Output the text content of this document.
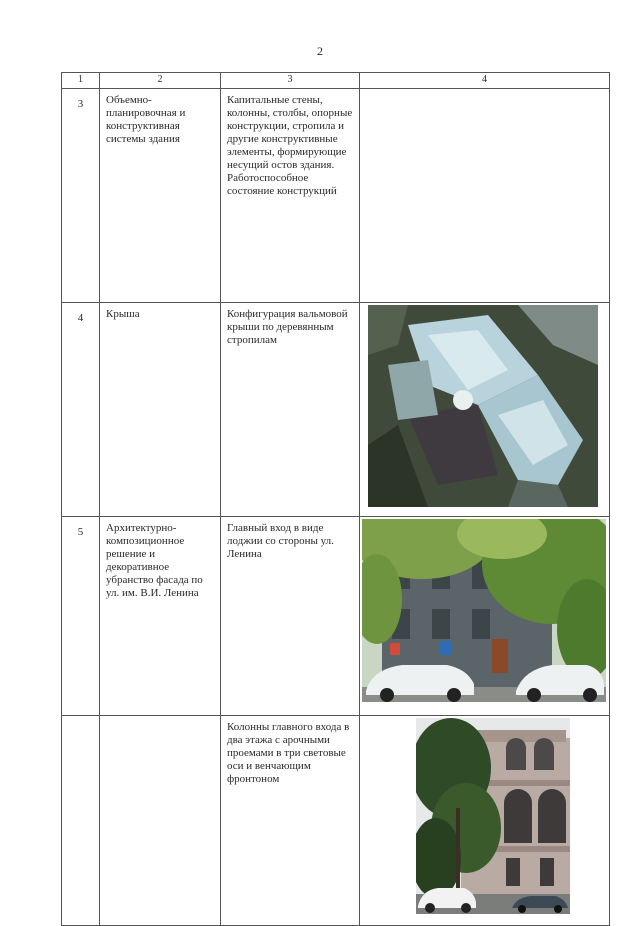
2
1	2	3	4
3	Объемно-планировочная и конструктивная системы здания	Капитальные стены, колонны, столбы, опорные конструкции, стропила и другие конструктивные элементы, формирующие несущий остов здания. Работоспособное состояние конструкций	
4	Крыша	Конфигурация вальмовой крыши по деревянным стропилам	

5	Архитектурно-композиционное решение и декоративное убранство фасада по ул. им. В.И. Ленина	Главный вход в виде лоджии со стороны ул. Ленина	

		Колонны главного входа в два этажа с арочными проемами в три световые оси и венчающим фронтоном	
